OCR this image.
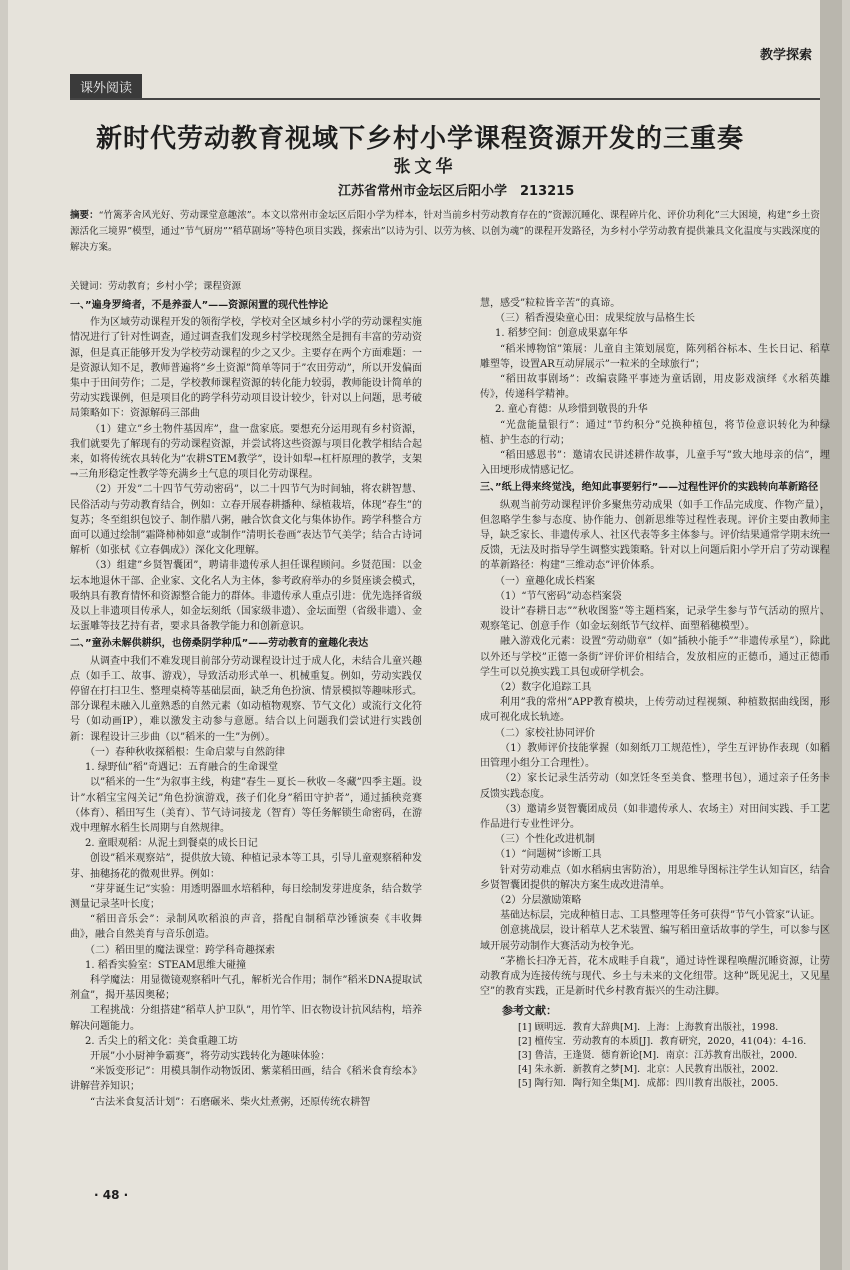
教学探索
课外阅读
新时代劳动教育视域下乡村小学课程资源开发的三重奏
张文华
江苏省常州市金坛区后阳小学　213215
摘要：“竹篱茅舍风光好、劳动课堂意趣浓”。本文以常州市金坛区后阳小学为样本，针对当前乡村劳动教育存在的”资源沉睡化、课程碎片化、评价功利化”三大困境，构建”乡土资源活化三境界”模型，通过”节气厨房””稻草剧场”等特色项目实践，探索出”以诗为引、以劳为核、以创为魂”的课程开发路径，为乡村小学劳动教育提供兼具文化温度与实践深度的解决方案。
关键词：劳动教育；乡村小学；课程资源

一、”遍身罗绮者，不是养蚕人”——资源闲置的现代性悖论

作为区域劳动课程开发的领衔学校，学校对全区域乡村小学的劳动课程实施情况进行了针对性调查，通过调查我们发现乡村学校现然全是拥有丰富的劳动资源，但是真正能够开发为学校劳动课程的少之又少。主要存在两个方面难题：一是资源认知不足，教师普遍将”乡土资源”简单等同于”农田劳动”，所以开发偏面集中于田间劳作；二是，学校教师课程资源的转化能力较弱，教师能设计简单的劳动实践课例，但是项目化的跨学科劳动项目设计较少，针对以上问题，思考破局策略如下：资源解码三部曲

（1）建立”乡土物件基因库”，盘一盘家底。要想充分运用现有乡村资源，我们就要先了解现有的劳动课程资源，并尝试将这些资源与项目化教学相结合起来，如将传统农具转化为”农耕STEM教学”，设计如犁→杠杆原理的教学，支架→三角形稳定性教学等充满乡土气息的项目化劳动课程。

（2）开发”二十四节气劳动密码”，以二十四节气为时间轴，将农耕智慧、民俗活动与劳动教育结合，例如：立春开展春耕播种、绿植栽培，体现”春生”的复苏；冬至组织包饺子、制作腊八粥，融合饮食文化与集体协作。跨学科整合方面可以通过绘制”霜降柿柿如意”或制作”清明长卷画”表达节气美学；结合古诗词解析（如张栻《立春偶成》）深化文化理解。

（3）组建”乡贤智囊团”，聘请非遗传承人担任课程顾问。乡贤范围：以金坛本地退休干部、企业家、文化名人为主体，参考政府举办的乡贤座谈会模式，吸纳具有教育情怀和资源整合能力的群体。非遗传承人重点引进：优先选择省级及以上非遗项目传承人，如金坛刻纸（国家级非遗）、金坛面塑（省级非遗）、金坛蛋雕等技艺持有者，要求具备教学能力和创新意识。

二、”童孙未解供耕织，也傍桑阴学种瓜”——劳动教育的童趣化表达

从调查中我们不难发现目前部分劳动课程设计过于成人化，未结合儿童兴趣点（如手工、故事、游戏），导致活动形式单一、机械重复。例如，劳动实践仅停留在打扫卫生、整理桌椅等基础层面，缺乏角色扮演、情景模拟等趣味形式。部分课程未融入儿童熟悉的自然元素（如动植物观察、节气文化）或流行文化符号（如动画IP），难以激发主动参与意愿。结合以上问题我们尝试进行实践创新：课程设计三步曲（以”稻米的一生”为例）。

（一）春种秋收探稻根：生命启蒙与自然韵律

1. 绿野仙”稻”奇遇记：五育融合的生命课堂

以”稻米的一生”为叙事主线，构建”春生－夏长－秋收－冬藏”四季主题。设计”水稻宝宝闯关记”角色扮演游戏，孩子们化身”稻田守护者”，通过插秧竞赛（体育）、稻田写生（美育）、节气诗词接龙（智育）等任务解锁生命密码，在游戏中理解水稻生长周期与自然规律。

2. 童眼观稻：从泥土到餐桌的成长日记

创设”稻米观察站”，提供放大镜、种植记录本等工具，引导儿童观察稻种发芽、抽穗扬花的微观世界。例如：

“芽芽诞生记”实验：用透明器皿水培稻种，每日绘制发芽进度条，结合数学测量记录茎叶长度；

“稻田音乐会”：录制风吹稻浪的声音，搭配自制稻草沙锤演奏《丰收舞曲》，融合自然美育与音乐创造。

（二）稻田里的魔法课堂：跨学科奇趣探索

1. 稻香实验室：STEAM思维大碰撞

科学魔法：用显微镜观察稻叶气孔，解析光合作用；制作”稻米DNA提取试剂盒”，揭开基因奥秘；

工程挑战：分组搭建”稻草人护卫队”，用竹竿、旧衣物设计抗风结构，培养解决问题能力。

2. 舌尖上的稻文化：美食重趣工坊

开展”小小厨神争霸赛”，将劳动实践转化为趣味体验：

“米饭变形记”：用模具制作动物饭团、紫菜稻田画，结合《稻米食育绘本》讲解营养知识；

“古法米食复活计划”：石磨碾米、柴火灶煮粥，还原传统农耕智

慧，感受”粒粒皆辛苦”的真谛。

（三）稻香漫染童心田：成果绽放与品格生长

1. 稻梦空间：创意成果嘉年华

“稻米博物馆”策展：儿童自主策划展览，陈列稻谷标本、生长日记、稻草雕塑等，设置AR互动屏展示”一粒米的全球旅行”；

“稻田故事剧场”：改编袁隆平事迹为童话剧，用皮影戏演绎《水稻英雄传》，传递科学精神。

2. 童心育德：从珍惜到敬畏的升华

“光盘能量银行”：通过”节约积分”兑换种植包，将节俭意识转化为种绿植、护生态的行动；

“稻田感恩书”：邀请农民讲述耕作故事，儿童手写”致大地母亲的信”，埋入田埂形成情感记忆。

三、”纸上得来终觉浅，绝知此事要躬行”——过程性评价的实践转向革新路径

纵观当前劳动课程评价多聚焦劳动成果（如手工作品完成度、作物产量），但忽略学生参与态度、协作能力、创新思维等过程性表现。评价主要由教师主导，缺乏家长、非遗传承人、社区代表等多主体参与。评价结果通常学期末统一反馈，无法及时指导学生调整实践策略。针对以上问题后阳小学开启了劳动课程的革新路径：构建”三维动态”评价体系。

（一）童趣化成长档案

（1）“节气密码”动态档案袋

设计”春耕日志””秋收图鉴”等主题档案，记录学生参与节气活动的照片、观察笔记、创意手作（如金坛刻纸节气纹样、面塑稻穗模型）。

融入游戏化元素：设置”劳动勋章”（如”插秧小能手””非遗传承星”），除此以外还与学校”正德一条街”评价评价相结合，发放相应的正德币，通过正德币学生可以兑换实践工具包或研学机会。

（2）数字化追踪工具

利用”我的常州”APP教育模块，上传劳动过程视频、种植数据曲线图，形成可视化成长轨迹。

（二）家校社协同评价

（1）教师评价技能掌握（如刻纸刀工规范性），学生互评协作表现（如稻田管理小组分工合理性）。

（2）家长记录生活劳动（如烹饪冬至美食、整理书包），通过亲子任务卡反馈实践态度。

（3）邀请乡贤智囊团成员（如非遗传承人、农场主）对田间实践、手工艺作品进行专业性评分。

（三）个性化改进机制

（1）“问题树”诊断工具

针对劳动难点（如水稻病虫害防治），用思维导图标注学生认知盲区，结合乡贤智囊团提供的解决方案生成改进清单。

（2）分层激励策略

基础达标层，完成种植日志、工具整理等任务可获得”节气小管家”认证。

创意挑战层，设计稻草人艺术装置、编写稻田童话故事的学生，可以参与区域开展劳动制作大赛活动为校争光。

“茅檐长扫净无苔，花木成畦手自栽”，通过诗性课程唤醒沉睡资源，让劳动教育成为连接传统与现代、乡土与未来的文化纽带。这种”既见泥土，又见星空”的教育实践，正是新时代乡村教育振兴的生动注脚。

参考文献：

[1] 顾明远．教育大辞典[M]．上海：上海教育出版社，1998.

[2] 檀传宝．劳动教育的本质[J]．教育研究，2020，41(04)：4-16.

[3] 鲁洁，王逢贤．德育新论[M]．南京：江苏教育出版社，2000.

[4] 朱永新．新教育之梦[M]．北京：人民教育出版社，2002.

[5] 陶行知．陶行知全集[M]．成都：四川教育出版社，2005.

· 48 ·
